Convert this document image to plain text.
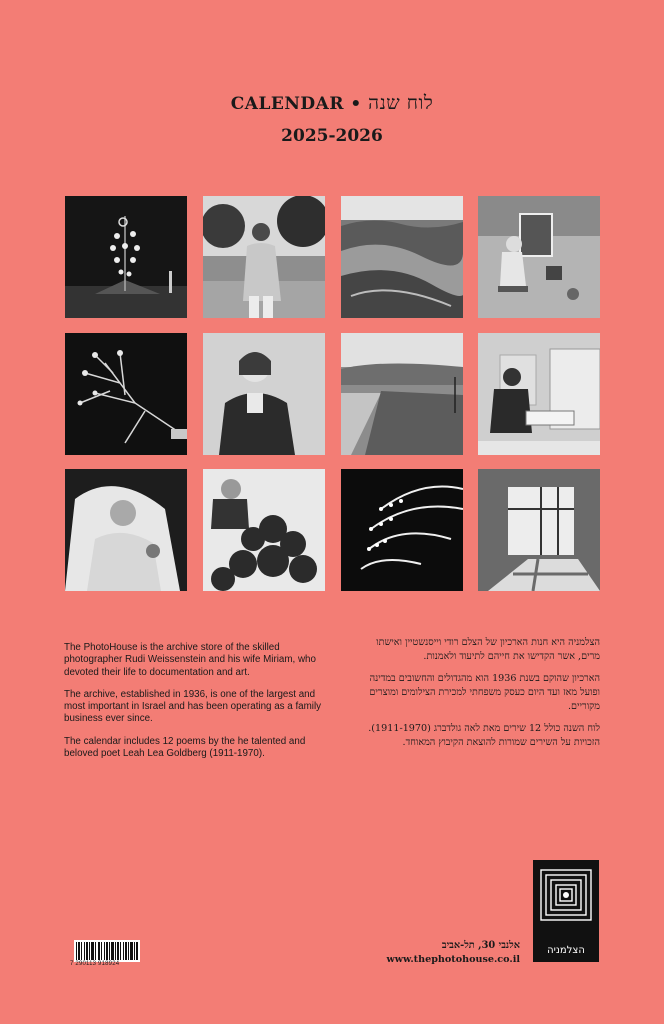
CALENDAR • לוח שנה
2025-2026

The PhotoHouse is the archive store of the skilled photographer Rudi Weissenstein and his wife Miriam, who devoted their life to documentation and art.

The archive, established in 1936, is one of the largest and most important in Israel and has been operating as a family business ever since.

The calendar includes 12 poems by the he talented and beloved poet Leah Lea Goldberg (1911-1970).

הצלמניה היא חנות הארכיון של הצלם רודי וייסנשטיין ואישתו מרים, אשר הקדישו את חייהם לתיעוד ולאמנות.

הארכיון שהוקם בשנת 1936 הוא מהגדולים והחשובים במדינה ופועל מאז ועד היום כעסק משפחתי למכירת הצילומים ומוצרים מקוריים.

לוח השנה כולל 12 שירים מאת לאה גולדברג (1911-1970). הזכויות על השירים שמורות להוצאת הקיבוץ המאוחד.

הצלמניה
אלנבי 30, תל-אביב
www.thephotohouse.co.il
7 290113 918924
